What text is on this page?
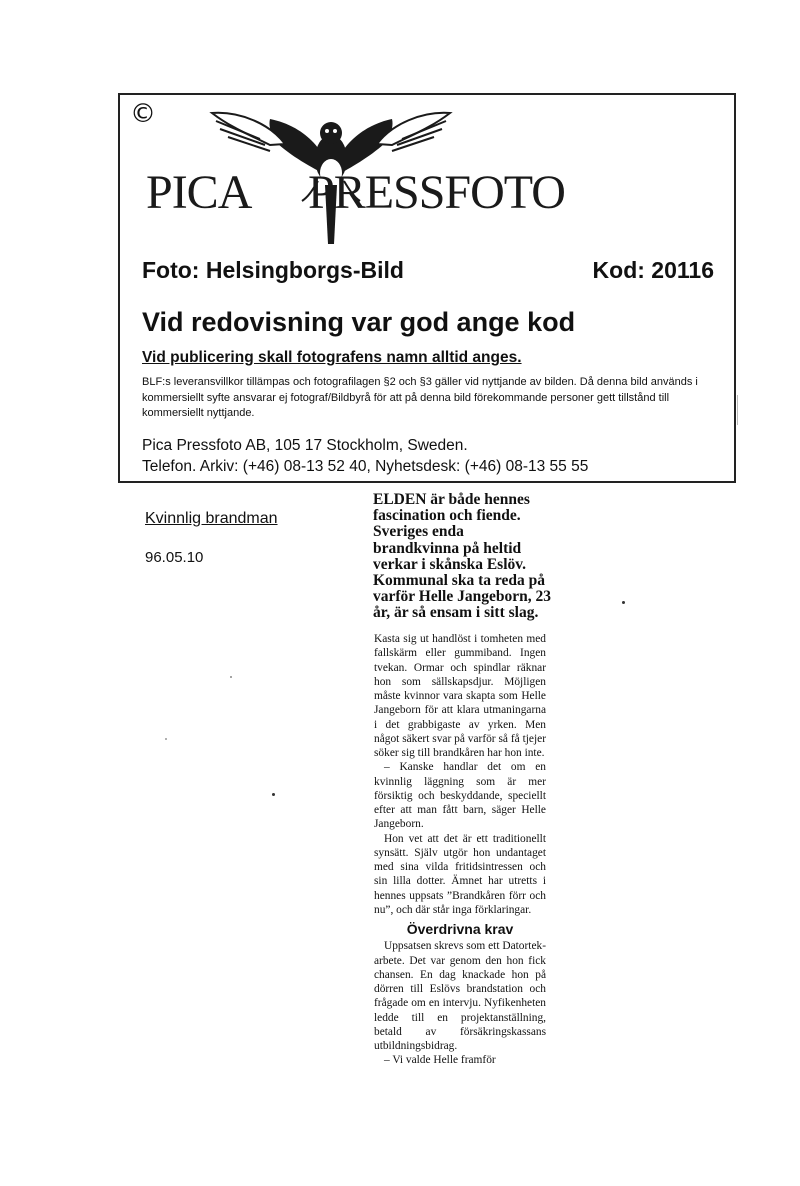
©
PICA PRESSFOTO
Foto: Helsingborgs-Bild	Kod: 20116
Vid redovisning var god ange kod
Vid publicering skall fotografens namn alltid anges.
BLF:s leveransvillkor tillämpas och fotografilagen §2 och §3 gäller vid nyttjande av bilden. Då denna bild används i kommersiellt syfte ansvarar ej fotograf/Bildbyrå för att på denna bild förekommande personer gett tillstånd till kommersiellt nyttjande.
Pica Pressfoto AB, 105 17 Stockholm, Sweden.
Telefon. Arkiv: (+46) 08-13 52 40, Nyhetsdesk: (+46) 08-13 55 55
Kvinnlig brandman
96.05.10
ELDEN är både hennes fascination och fiende. Sveriges enda brandkvinna på heltid verkar i skånska Eslöv. Kommunal ska ta reda på varför Helle Jangeborn, 23 år, är så ensam i sitt slag.

Kasta sig ut handlöst i tomheten med fallskärm eller gummiband. Ingen tvekan. Ormar och spindlar räknar hon som sällskapsdjur. Möjligen måste kvinnor vara skapta som Helle Jangeborn för att klara utmaningarna i det grabbigaste av yrken. Men något säkert svar på varför så få tjejer söker sig till brandkåren har hon inte.

– Kanske handlar det om en kvinnlig läggning som är mer försiktig och beskyddande, speciellt efter att man fått barn, säger Helle Jangeborn.

Hon vet att det är ett traditionellt synsätt. Själv utgör hon undantaget med sina vilda fritidsintressen och sin lilla dotter. Ämnet har utretts i hennes uppsats ”Brandkåren förr och nu”, och där står inga förklaringar.

Överdrivna krav

Uppsatsen skrevs som ett Datortek-arbete. Det var genom den hon fick chansen. En dag knackade hon på dörren till Eslövs brandstation och frågade om en intervju. Nyfikenheten ledde till en projektanställning, betald av försäkringskassans utbildningsbidrag.

– Vi valde Helle framför
